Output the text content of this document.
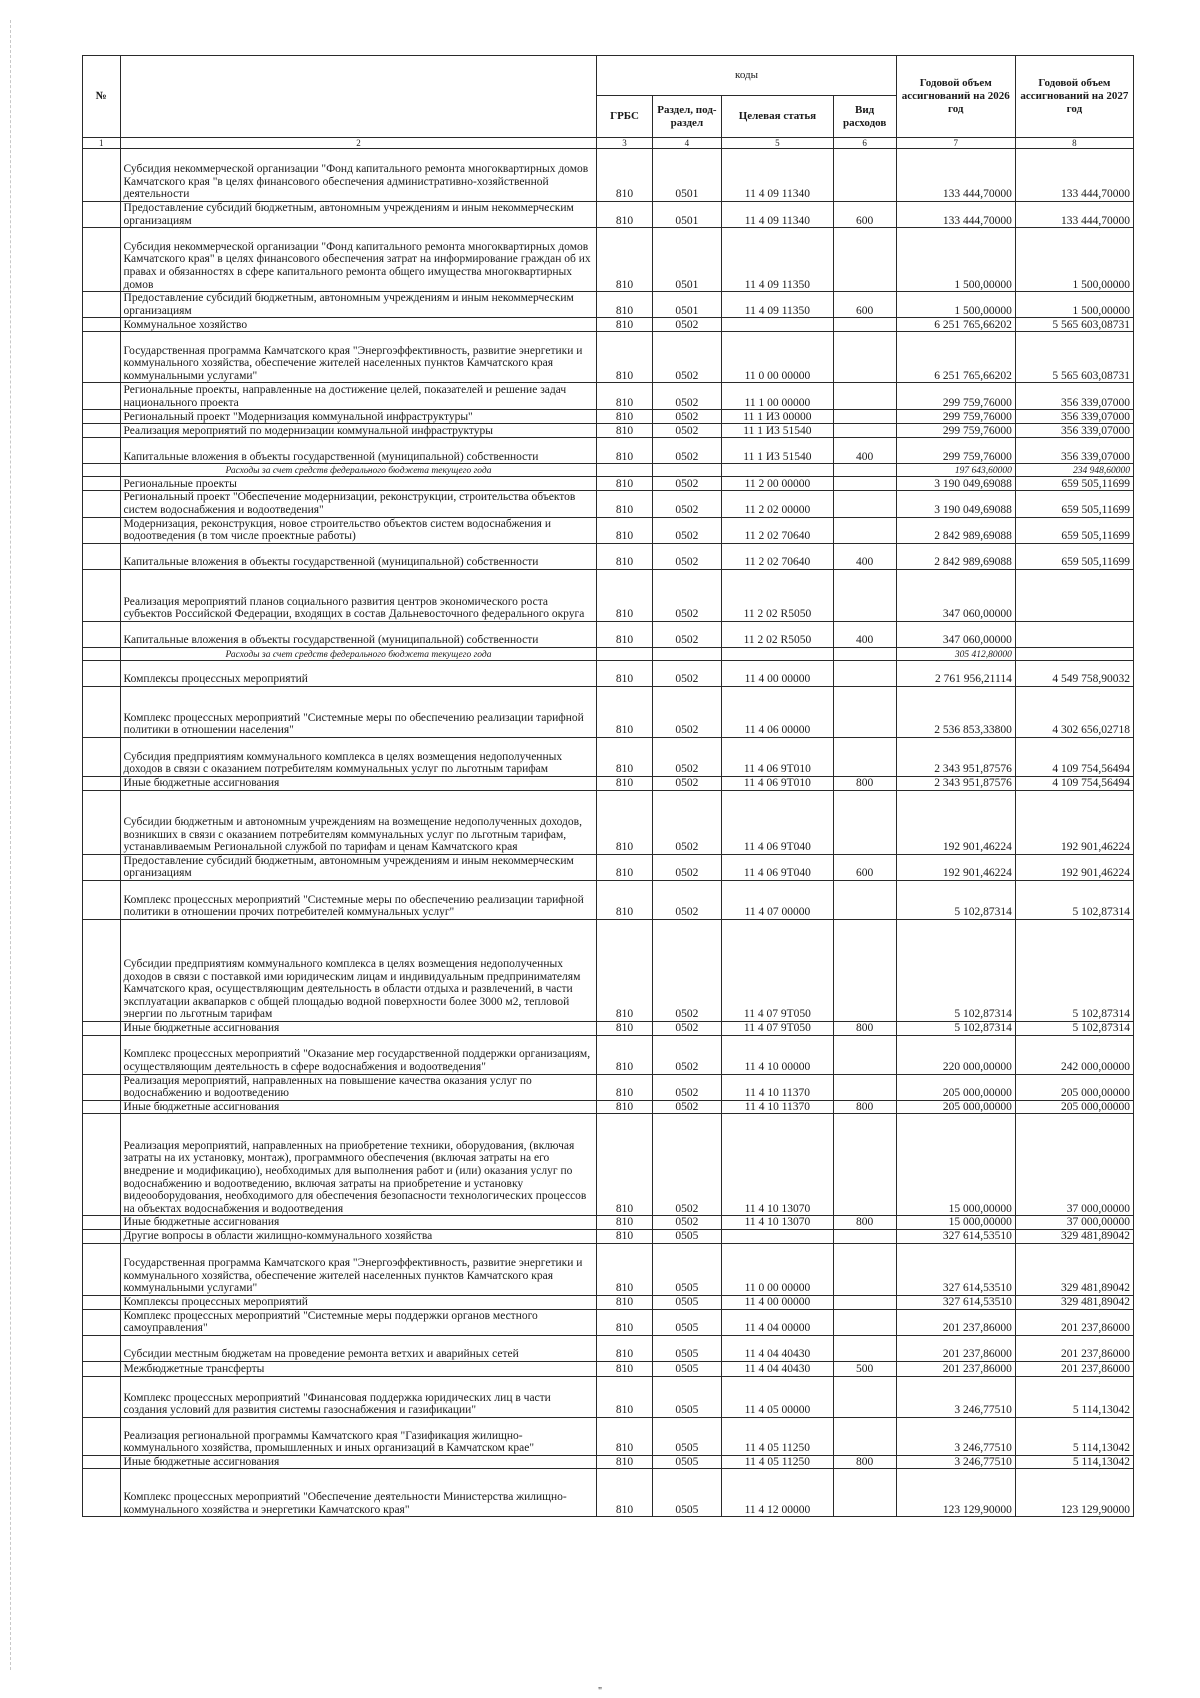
№		коды				Годовой объем ассигнований на 2026 год	Годовой объем ассигнований на 2027 год
		ГРБС	Раздел, под-раздел	Целевая статья	Вид расходов		
1	2	3	4	5	6	7	8
	Субсидия некоммерческой организации "Фонд капитального ремонта многоквартирных домов Камчатского края "в целях финансового обеспечения административно-хозяйственной деятельности	810	0501	11 4 09 11340		133 444,70000	133 444,70000
	Предоставление субсидий бюджетным, автономным учреждениям и иным некоммерческим организациям	810	0501	11 4 09 11340	600	133 444,70000	133 444,70000
	Субсидия некоммерческой организации "Фонд капитального ремонта многоквартирных домов Камчатского края" в целях финансового обеспечения затрат на информирование граждан об их правах и обязанностях в сфере капитального ремонта общего имущества многоквартирных домов	810	0501	11 4 09 11350		1 500,00000	1 500,00000
	Предоставление субсидий бюджетным, автономным учреждениям и иным некоммерческим организациям	810	0501	11 4 09 11350	600	1 500,00000	1 500,00000
	Коммунальное хозяйство	810	0502			6 251 765,66202	5 565 603,08731
	Государственная программа Камчатского края "Энергоэффективность, развитие энергетики и коммунального хозяйства, обеспечение жителей населенных пунктов Камчатского края коммунальными услугами"	810	0502	11 0 00 00000		6 251 765,66202	5 565 603,08731
	Региональные проекты, направленные на достижение целей, показателей и решение задач национального проекта	810	0502	11 1 00 00000		299 759,76000	356 339,07000
	Региональный проект "Модернизация коммунальной инфраструктуры"	810	0502	11 1 И3 00000		299 759,76000	356 339,07000
	Реализация мероприятий по модернизации коммунальной инфраструктуры	810	0502	11 1 И3 51540		299 759,76000	356 339,07000
	Капитальные вложения в объекты государственной (муниципальной) собственности	810	0502	11 1 И3 51540	400	299 759,76000	356 339,07000
	Расходы за счет средств федерального бюджета текущего года					197 643,60000	234 948,60000
	Региональные проекты	810	0502	11 2 00 00000		3 190 049,69088	659 505,11699
	Региональный проект "Обеспечение модернизации, реконструкции, строительства объектов систем водоснабжения и водоотведения"	810	0502	11 2 02 00000		3 190 049,69088	659 505,11699
	Модернизация, реконструкция, новое строительство объектов систем водоснабжения и водоотведения (в том числе проектные работы)	810	0502	11 2 02 70640		2 842 989,69088	659 505,11699
	Капитальные вложения в объекты государственной (муниципальной) собственности	810	0502	11 2 02 70640	400	2 842 989,69088	659 505,11699
	Реализация мероприятий планов социального развития центров экономического роста субъектов Российской Федерации, входящих в состав Дальневосточного федерального округа	810	0502	11 2 02 R5050		347 060,00000	
	Капитальные вложения в объекты государственной (муниципальной) собственности	810	0502	11 2 02 R5050	400	347 060,00000	
	Расходы за счет средств федерального бюджета текущего года					305 412,80000	
	Комплексы процессных мероприятий	810	0502	11 4 00 00000		2 761 956,21114	4 549 758,90032
	Комплекс процессных мероприятий "Системные меры по обеспечению реализации тарифной политики в отношении населения"	810	0502	11 4 06 00000		2 536 853,33800	4 302 656,02718
	Субсидия предприятиям коммунального комплекса в целях возмещения недополученных доходов в связи с оказанием потребителям коммунальных услуг по льготным тарифам	810	0502	11 4 06 9Т010		2 343 951,87576	4 109 754,56494
	Иные бюджетные ассигнования	810	0502	11 4 06 9Т010	800	2 343 951,87576	4 109 754,56494
	Субсидии бюджетным и автономным учреждениям на возмещение недополученных доходов, возникших в связи с оказанием потребителям коммунальных услуг по льготным тарифам, устанавливаемым Региональной службой по тарифам и ценам Камчатского края	810	0502	11 4 06 9Т040		192 901,46224	192 901,46224
	Предоставление субсидий бюджетным, автономным учреждениям и иным некоммерческим организациям	810	0502	11 4 06 9Т040	600	192 901,46224	192 901,46224
	Комплекс процессных мероприятий "Системные меры по обеспечению реализации тарифной политики в отношении прочих потребителей коммунальных услуг"	810	0502	11 4 07 00000		5 102,87314	5 102,87314
	Субсидии предприятиям коммунального комплекса в целях возмещения недополученных доходов в связи с поставкой ими юридическим лицам и индивидуальным предпринимателям Камчатского края, осуществляющим деятельность в области отдыха и развлечений, в части эксплуатации аквапарков с общей площадью водной поверхности более 3000 м2, тепловой энергии по льготным тарифам	810	0502	11 4 07 9Т050		5 102,87314	5 102,87314
	Иные бюджетные ассигнования	810	0502	11 4 07 9Т050	800	5 102,87314	5 102,87314
	Комплекс процессных мероприятий "Оказание мер государственной поддержки организациям, осуществляющим деятельность в сфере водоснабжения и водоотведения"	810	0502	11 4 10 00000		220 000,00000	242 000,00000
	Реализация мероприятий, направленных на повышение качества оказания услуг по водоснабжению и водоотведению	810	0502	11 4 10 11370		205 000,00000	205 000,00000
	Иные бюджетные ассигнования	810	0502	11 4 10 11370	800	205 000,00000	205 000,00000
	Реализация мероприятий, направленных на приобретение техники, оборудования, (включая затраты на их установку, монтаж), программного обеспечения (включая затраты на его внедрение и модификацию), необходимых для выполнения работ и (или) оказания услуг по водоснабжению и водоотведению, включая затраты на приобретение и установку видеооборудования, необходимого для обеспечения безопасности технологических процессов на объектах водоснабжения и водоотведения	810	0502	11 4 10 13070		15 000,00000	37 000,00000
	Иные бюджетные ассигнования	810	0502	11 4 10 13070	800	15 000,00000	37 000,00000
	Другие вопросы в области жилищно-коммунального хозяйства	810	0505			327 614,53510	329 481,89042
	Государственная программа Камчатского края "Энергоэффективность, развитие энергетики и коммунального хозяйства, обеспечение жителей населенных пунктов Камчатского края коммунальными услугами"	810	0505	11 0 00 00000		327 614,53510	329 481,89042
	Комплексы процессных мероприятий	810	0505	11 4 00 00000		327 614,53510	329 481,89042
	Комплекс процессных мероприятий "Системные меры поддержки органов местного самоуправления"	810	0505	11 4 04 00000		201 237,86000	201 237,86000
	Субсидии местным бюджетам на проведение ремонта ветхих и аварийных сетей	810	0505	11 4 04 40430		201 237,86000	201 237,86000
	Межбюджетные трансферты	810	0505	11 4 04 40430	500	201 237,86000	201 237,86000
	Комплекс процессных мероприятий "Финансовая поддержка юридических лиц в части создания условий для развития системы газоснабжения и газификации"	810	0505	11 4 05 00000		3 246,77510	5 114,13042
	Реализация региональной программы Камчатского края "Газификация жилищно-коммунального хозяйства, промышленных и иных организаций в Камчатском крае"	810	0505	11 4 05 11250		3 246,77510	5 114,13042
	Иные бюджетные ассигнования	810	0505	11 4 05 11250	800	3 246,77510	5 114,13042
	Комплекс процессных мероприятий "Обеспечение деятельности Министерства жилищно-коммунального хозяйства и энергетики Камчатского края"	810	0505	11 4 12 00000		123 129,90000	123 129,90000
"
